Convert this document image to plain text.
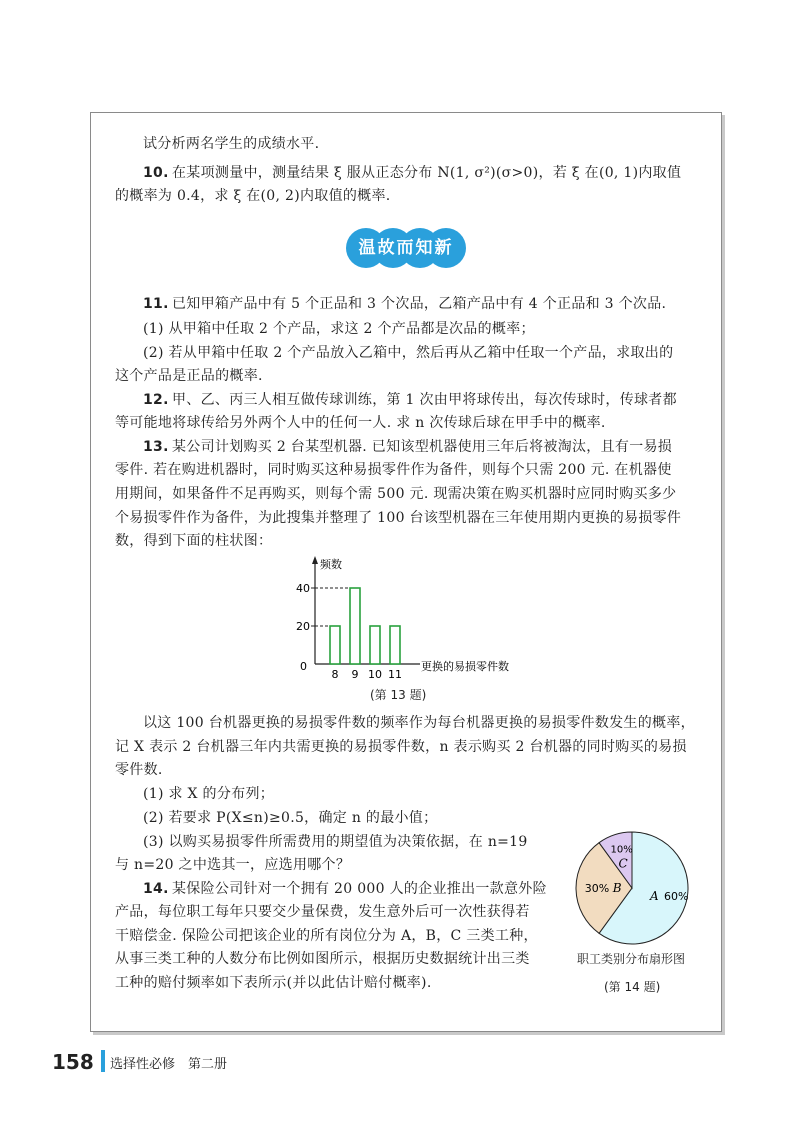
试分析两名学生的成绩水平.
10. 在某项测量中，测量结果 ξ 服从正态分布 N(1, σ²)(σ>0)，若 ξ 在(0, 1)内取值
的概率为 0.4，求 ξ 在(0, 2)内取值的概率.
温故而知新
11. 已知甲箱产品中有 5 个正品和 3 个次品，乙箱产品中有 4 个正品和 3 个次品.
(1) 从甲箱中任取 2 个产品，求这 2 个产品都是次品的概率；
(2) 若从甲箱中任取 2 个产品放入乙箱中，然后再从乙箱中任取一个产品，求取出的
这个产品是正品的概率.
12. 甲、乙、丙三人相互做传球训练，第 1 次由甲将球传出，每次传球时，传球者都
等可能地将球传给另外两个人中的任何一人. 求 n 次传球后球在甲手中的概率.
13. 某公司计划购买 2 台某型机器. 已知该型机器使用三年后将被淘汰，且有一易损
零件. 若在购进机器时，同时购买这种易损零件作为备件，则每个只需 200 元. 在机器使
用期间，如果备件不足再购买，则每个需 500 元. 现需决策在购买机器时应同时购买多少
个易损零件作为备件，为此搜集并整理了 100 台该型机器在三年使用期内更换的易损零件
数，得到下面的柱状图：
频数
0	更换的易损零件数
20
40
8 9 10 11
(第 13 题)
以这 100 台机器更换的易损零件数的频率作为每台机器更换的易损零件数发生的概率，
记 X 表示 2 台机器三年内共需更换的易损零件数，n 表示购买 2 台机器的同时购买的易损
零件数.
(1) 求 X 的分布列；
(2) 若要求 P(X≤n)≥0.5，确定 n 的最小值；
(3) 以购买易损零件所需费用的期望值为决策依据，在 n=19
与 n=20 之中选其一，应选用哪个？
14. 某保险公司针对一个拥有 20 000 人的企业推出一款意外险
产品，每位职工每年只要交少量保费，发生意外后可一次性获得若
干赔偿金. 保险公司把该企业的所有岗位分为 A，B，C 三类工种，
从事三类工种的人数分布比例如图所示，根据历史数据统计出三类
工种的赔付频率如下表所示(并以此估计赔付概率).
A 60%
30% B
10%
C
职工类别分布扇形图
(第 14 题)
158 选择性必修　第二册
